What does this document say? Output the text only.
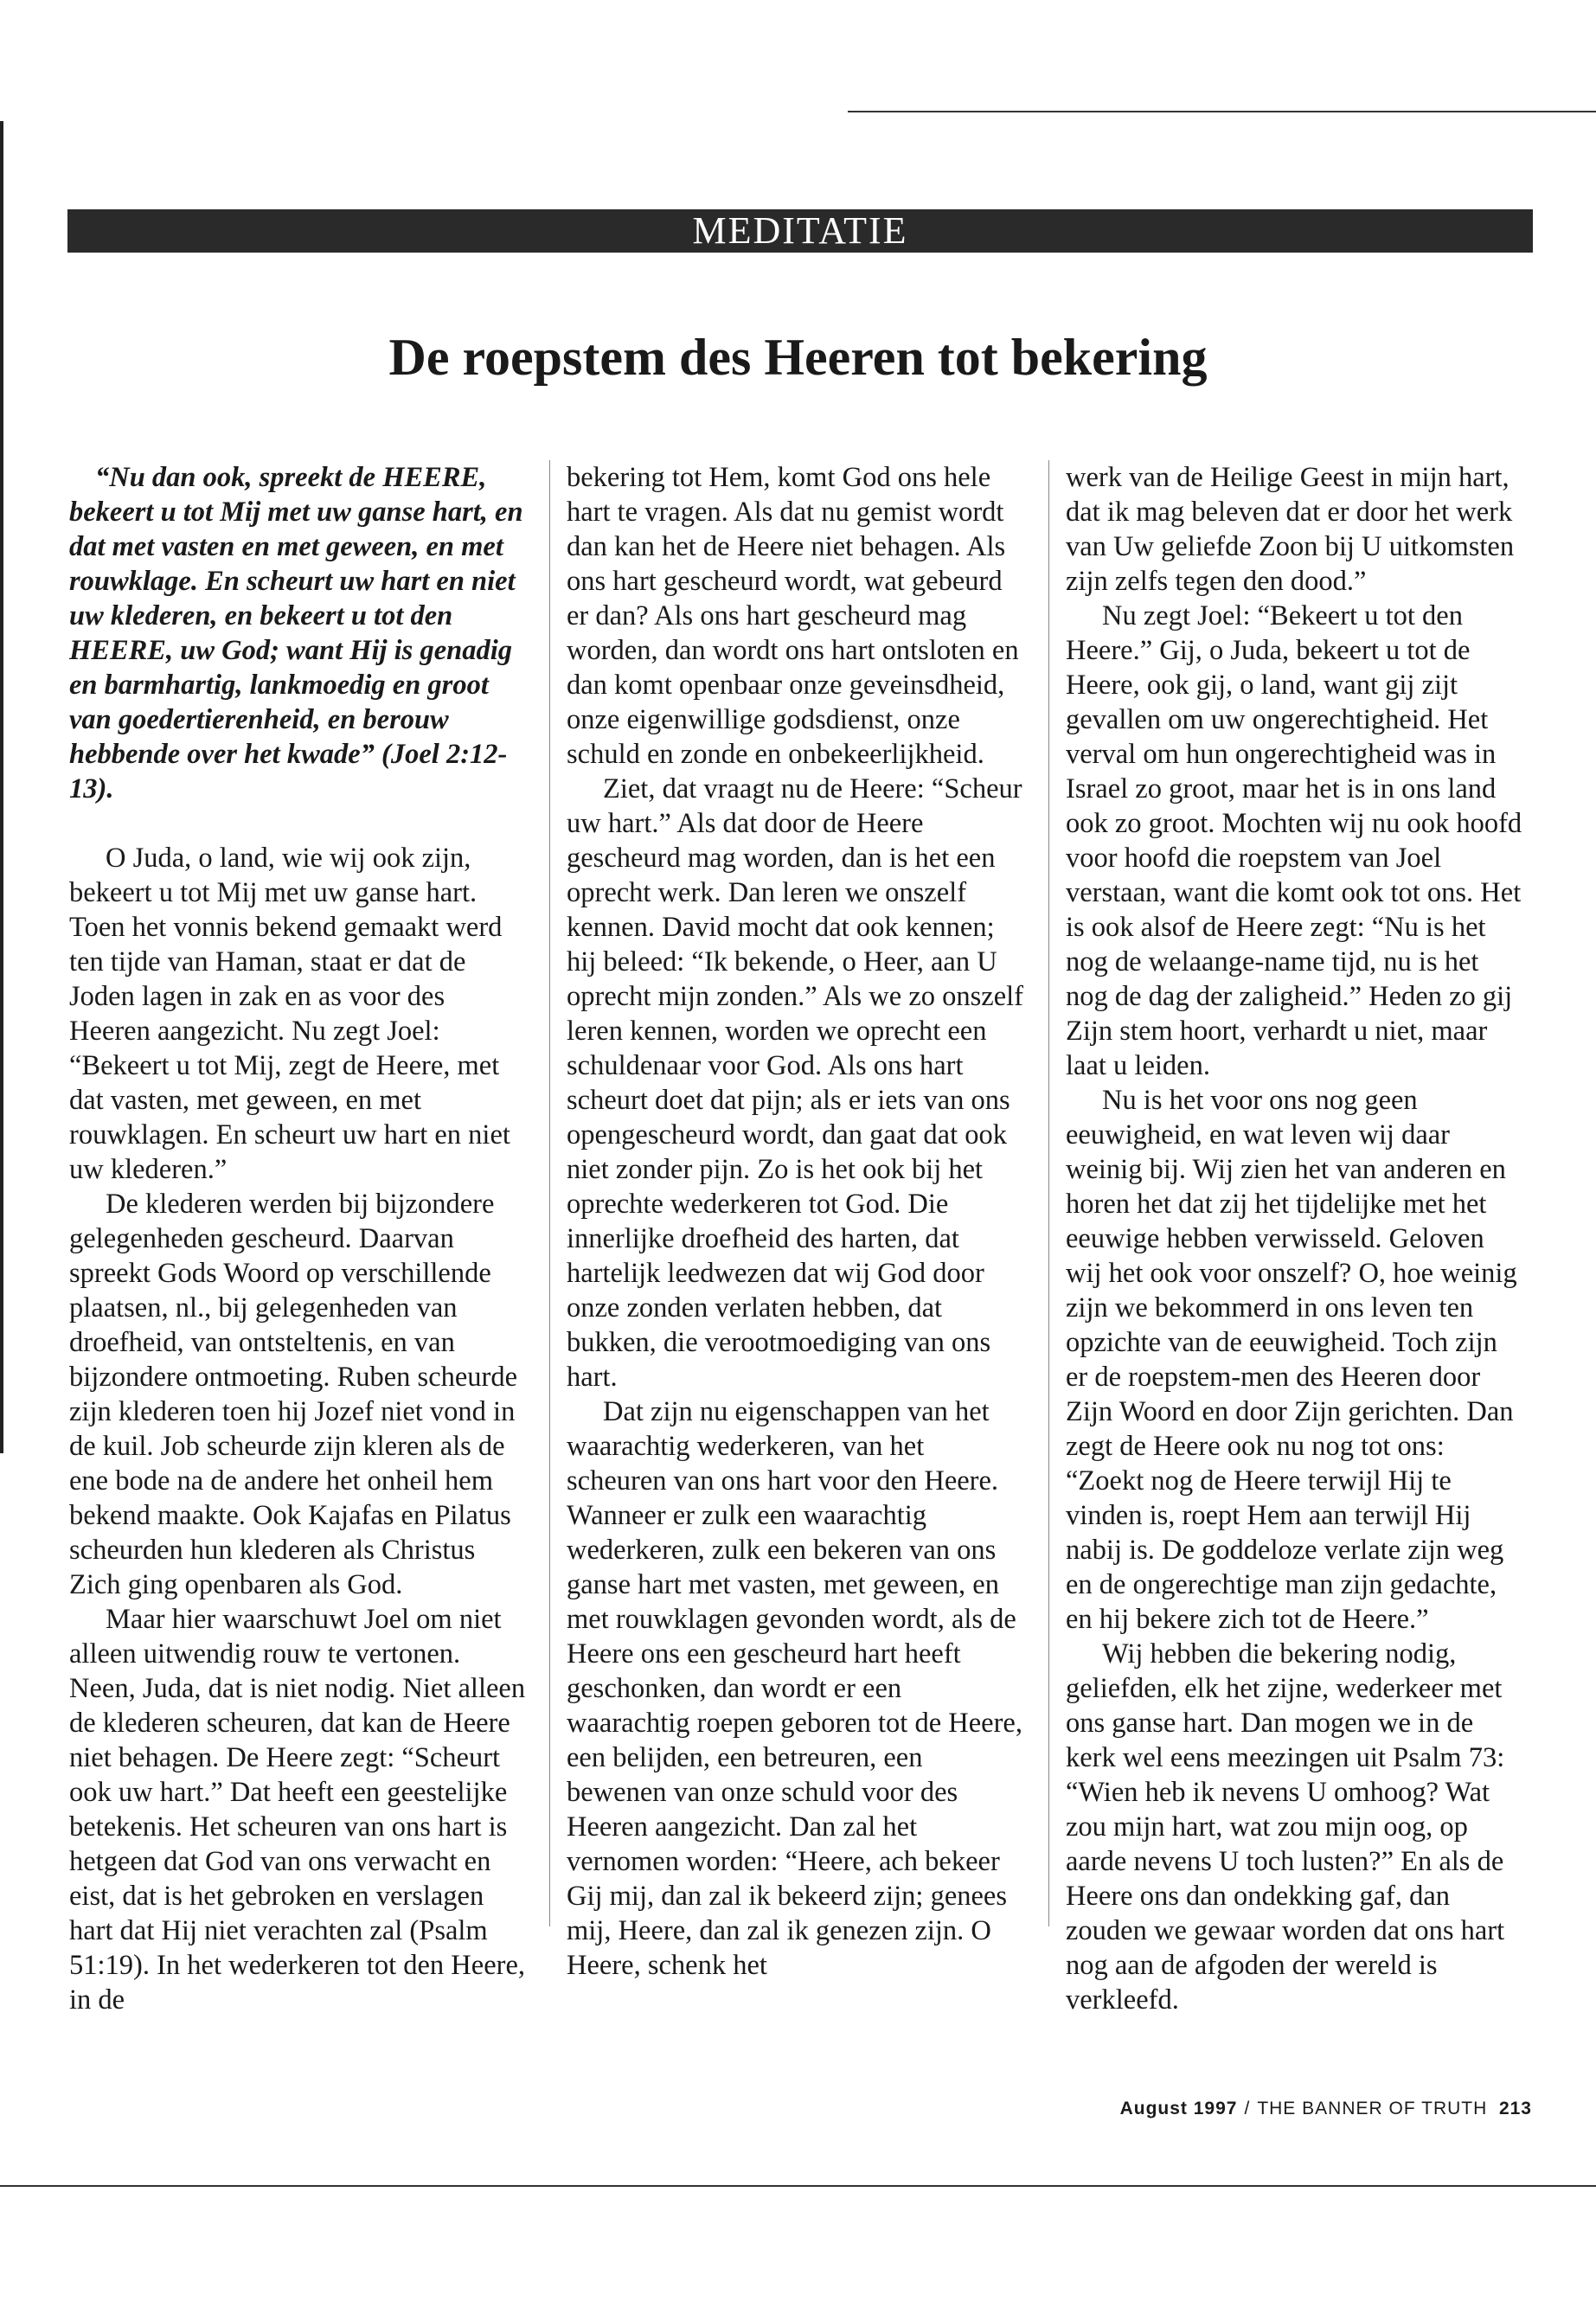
MEDITATIE
De roepstem des Heeren tot bekering

“Nu dan ook, spreekt de HEERE, bekeert u tot Mij met uw ganse hart, en dat met vasten en met geween, en met rouwklage. En scheurt uw hart en niet uw klederen, en bekeert u tot den HEERE, uw God; want Hij is genadig en barmhartig, lankmoedig en groot van goedertierenheid, en berouw hebbende over het kwade” (Joel 2:12-13).

O Juda, o land, wie wij ook zijn, bekeert u tot Mij met uw ganse hart. Toen het vonnis bekend gemaakt werd ten tijde van Haman, staat er dat de Joden lagen in zak en as voor des Heeren aangezicht. Nu zegt Joel: “Bekeert u tot Mij, zegt de Heere, met dat vasten, met geween, en met rouwklagen. En scheurt uw hart en niet uw klederen.”

De klederen werden bij bijzondere gelegenheden gescheurd. Daarvan spreekt Gods Woord op verschillende plaatsen, nl., bij gelegenheden van droefheid, van ontsteltenis, en van bijzondere ontmoeting. Ruben scheurde zijn klederen toen hij Jozef niet vond in de kuil. Job scheurde zijn kleren als de ene bode na de andere het onheil hem bekend maakte. Ook Kajafas en Pilatus scheurden hun klederen als Christus Zich ging openbaren als God.

Maar hier waarschuwt Joel om niet alleen uitwendig rouw te vertonen. Neen, Juda, dat is niet nodig. Niet alleen de klederen scheuren, dat kan de Heere niet behagen. De Heere zegt: “Scheurt ook uw hart.” Dat heeft een geestelijke betekenis. Het scheuren van ons hart is hetgeen dat God van ons verwacht en eist, dat is het gebroken en verslagen hart dat Hij niet verachten zal (Psalm 51:19). In het wederkeren tot den Heere, in de

bekering tot Hem, komt God ons hele hart te vragen. Als dat nu gemist wordt dan kan het de Heere niet behagen. Als ons hart gescheurd wordt, wat gebeurd er dan? Als ons hart gescheurd mag worden, dan wordt ons hart ontsloten en dan komt openbaar onze geveinsdheid, onze eigenwillige godsdienst, onze schuld en zonde en onbekeerlijkheid.

Ziet, dat vraagt nu de Heere: “Scheur uw hart.” Als dat door de Heere gescheurd mag worden, dan is het een oprecht werk. Dan leren we onszelf kennen. David mocht dat ook kennen; hij beleed: “Ik bekende, o Heer, aan U oprecht mijn zonden.” Als we zo onszelf leren kennen, worden we oprecht een schuldenaar voor God. Als ons hart scheurt doet dat pijn; als er iets van ons opengescheurd wordt, dan gaat dat ook niet zonder pijn. Zo is het ook bij het oprechte wederkeren tot God. Die innerlijke droefheid des harten, dat hartelijk leedwezen dat wij God door onze zonden verlaten hebben, dat bukken, die verootmoediging van ons hart.

Dat zijn nu eigenschappen van het waarachtig wederkeren, van het scheuren van ons hart voor den Heere. Wanneer er zulk een waarachtig wederkeren, zulk een bekeren van ons ganse hart met vasten, met geween, en met rouwklagen gevonden wordt, als de Heere ons een gescheurd hart heeft geschonken, dan wordt er een waarachtig roepen geboren tot de Heere, een belijden, een betreuren, een bewenen van onze schuld voor des Heeren aangezicht. Dan zal het vernomen worden: “Heere, ach bekeer Gij mij, dan zal ik bekeerd zijn; genees mij, Heere, dan zal ik genezen zijn. O Heere, schenk het

werk van de Heilige Geest in mijn hart, dat ik mag beleven dat er door het werk van Uw geliefde Zoon bij U uitkomsten zijn zelfs tegen den dood.”

Nu zegt Joel: “Bekeert u tot den Heere.” Gij, o Juda, bekeert u tot de Heere, ook gij, o land, want gij zijt gevallen om uw ongerechtigheid. Het verval om hun ongerechtigheid was in Israel zo groot, maar het is in ons land ook zo groot. Mochten wij nu ook hoofd voor hoofd die roepstem van Joel verstaan, want die komt ook tot ons. Het is ook alsof de Heere zegt: “Nu is het nog de welaange-name tijd, nu is het nog de dag der zaligheid.” Heden zo gij Zijn stem hoort, verhardt u niet, maar laat u leiden.

Nu is het voor ons nog geen eeuwigheid, en wat leven wij daar weinig bij. Wij zien het van anderen en horen het dat zij het tijdelijke met het eeuwige hebben verwisseld. Geloven wij het ook voor onszelf? O, hoe weinig zijn we bekommerd in ons leven ten opzichte van de eeuwigheid. Toch zijn er de roepstem-men des Heeren door Zijn Woord en door Zijn gerichten. Dan zegt de Heere ook nu nog tot ons: “Zoekt nog de Heere terwijl Hij te vinden is, roept Hem aan terwijl Hij nabij is. De goddeloze verlate zijn weg en de ongerechtige man zijn gedachte, en hij bekere zich tot de Heere.”

Wij hebben die bekering nodig, geliefden, elk het zijne, wederkeer met ons ganse hart. Dan mogen we in de kerk wel eens meezingen uit Psalm 73: “Wien heb ik nevens U omhoog? Wat zou mijn hart, wat zou mijn oog, op aarde nevens U toch lusten?” En als de Heere ons dan ondekking gaf, dan zouden we gewaar worden dat ons hart nog aan de afgoden der wereld is verkleefd.

August 1997 / THE BANNER OF TRUTH 213
